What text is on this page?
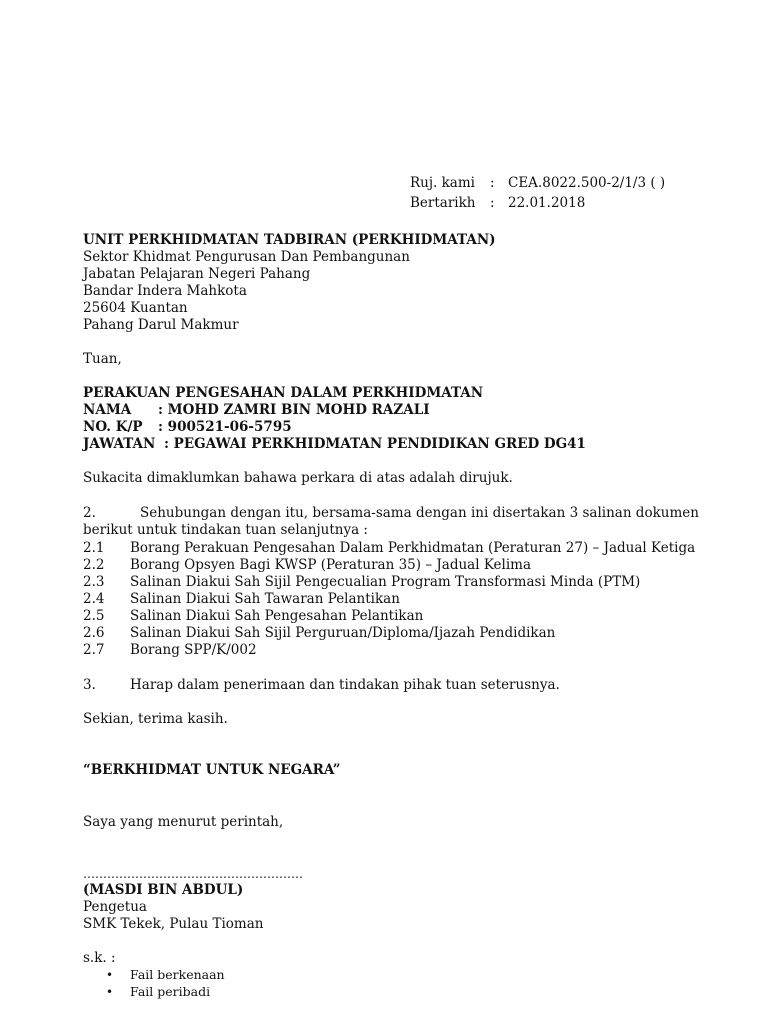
Ruj. kami : CEA.8022.500-2/1/3 ( )
Bertarikh : 22.01.2018
UNIT PERKHIDMATAN TADBIRAN (PERKHIDMATAN)
Sektor Khidmat Pengurusan Dan Pembangunan
Jabatan Pelajaran Negeri Pahang
Bandar Indera Mahkota
25604 Kuantan
Pahang Darul Makmur
Tuan,
PERAKUAN PENGESAHAN DALAM PERKHIDMATAN
NAMA : MOHD ZAMRI BIN MOHD RAZALI
NO. K/P : 900521-06-5795
JAWATAN : PEGAWAI PERKHIDMATAN PENDIDIKAN GRED DG41
Sukacita dimaklumkan bahawa perkara di atas adalah dirujuk.
2.	Sehubungan dengan itu, bersama-sama dengan ini disertakan 3 salinan dokumen
berikut untuk tindakan tuan selanjutnya :
2.1 Borang Perakuan Pengesahan Dalam Perkhidmatan (Peraturan 27) – Jadual Ketiga
2.2 Borang Opsyen Bagi KWSP (Peraturan 35) – Jadual Kelima
2.3 Salinan Diakui Sah Sijil Pengecualian Program Transformasi Minda (PTM)
2.4 Salinan Diakui Sah Tawaran Pelantikan
2.5 Salinan Diakui Sah Pengesahan Pelantikan
2.6 Salinan Diakui Sah Sijil Perguruan/Diploma/Ijazah Pendidikan
2.7 Borang SPP/K/002
3.	Harap dalam penerimaan dan tindakan pihak tuan seterusnya.
Sekian, terima kasih.
“BERKHIDMAT UNTUK NEGARA”
Saya yang menurut perintah,
……………………………………………….
(MASDI BIN ABDUL)
Pengetua
SMK Tekek, Pulau Tioman
s.k. :
• Fail berkenaan
• Fail peribadi
